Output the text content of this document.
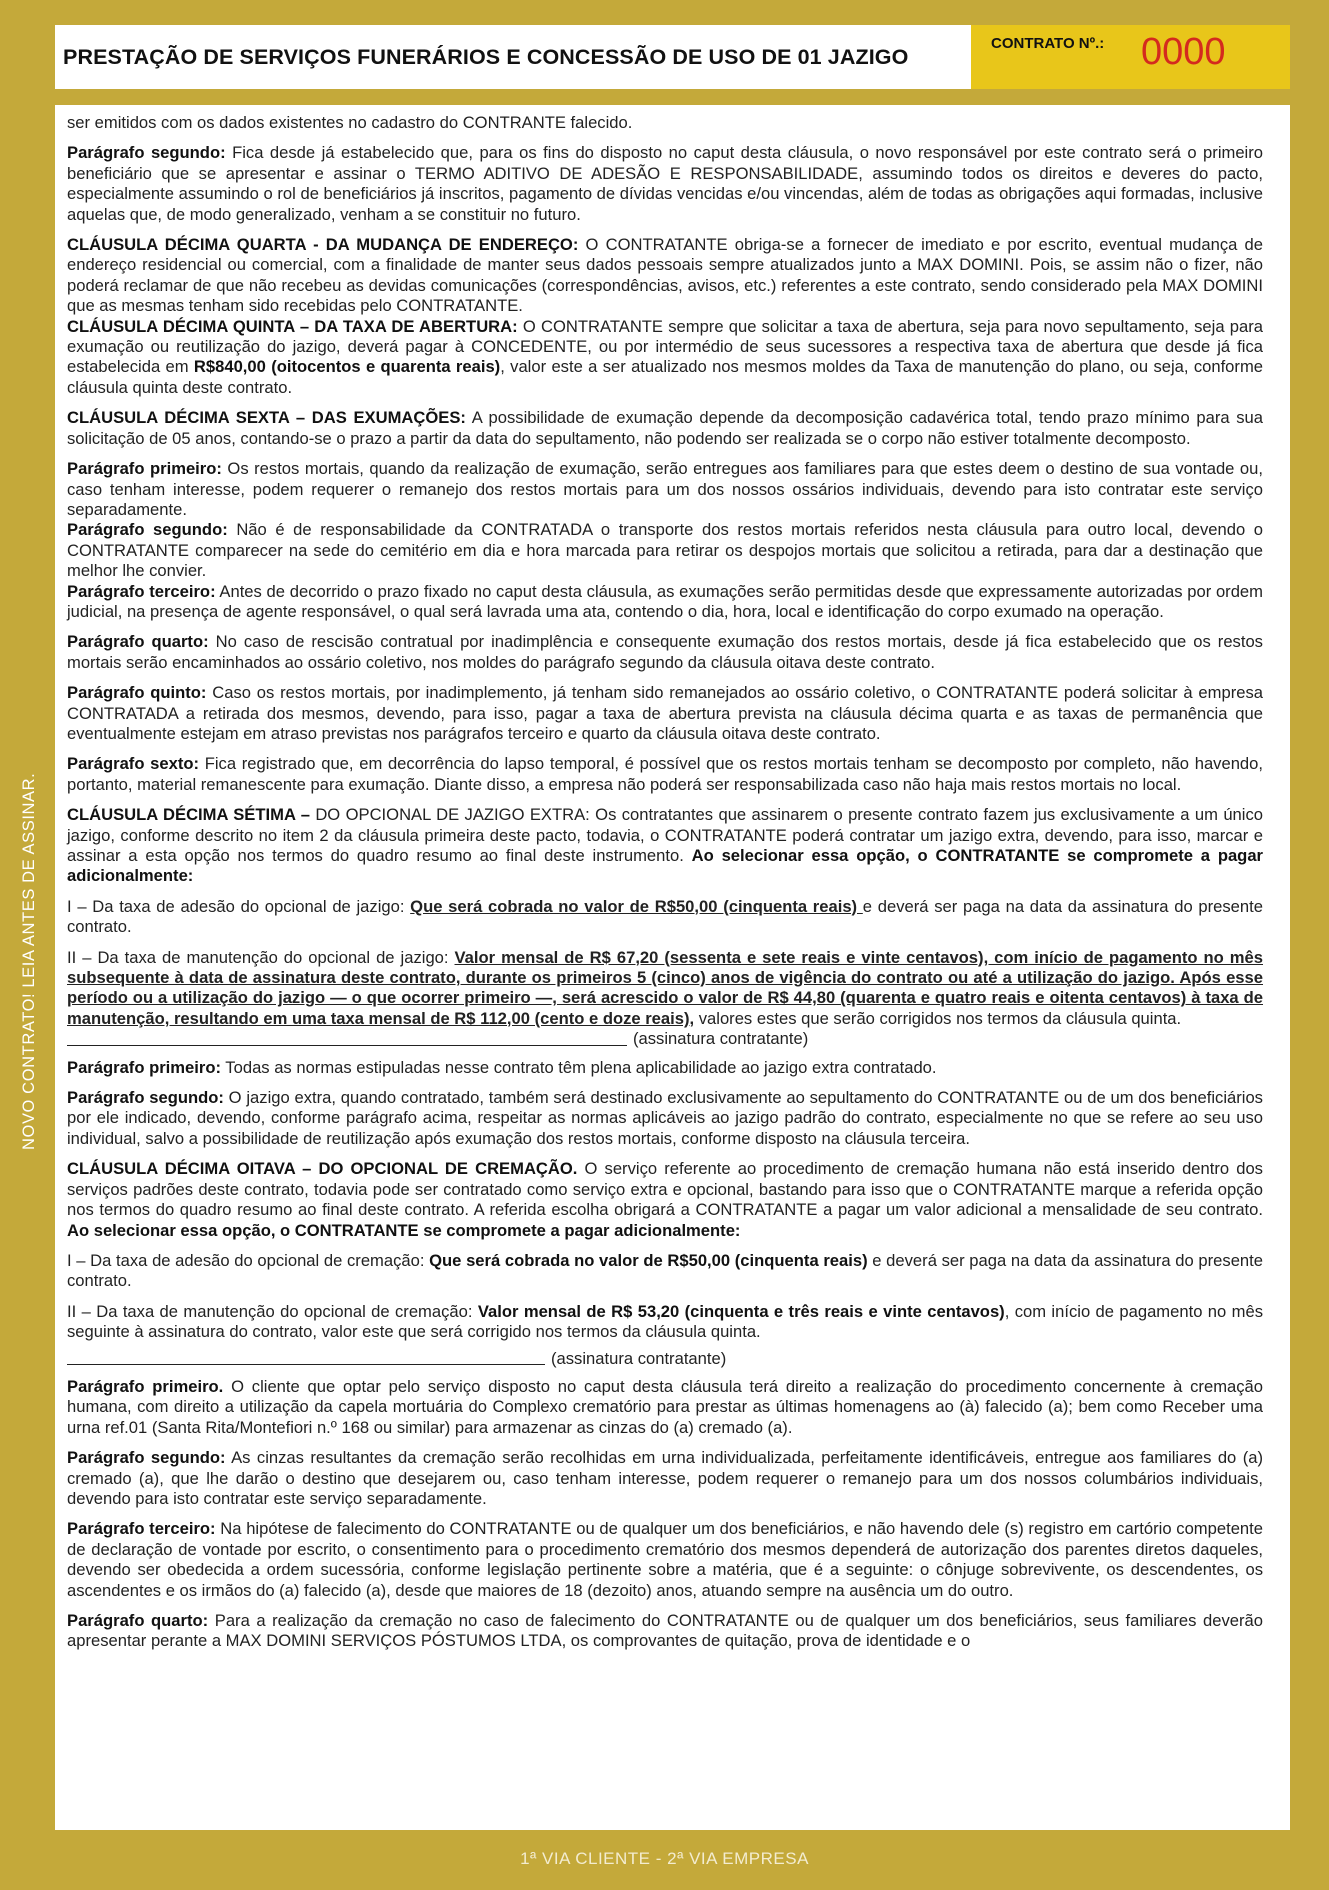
PRESTAÇÃO DE SERVIÇOS FUNERÁRIOS E CONCESSÃO DE USO DE 01 JAZIGO
CONTRATO Nº.: 0000
NOVO CONTRATO! LEIA ANTES DE ASSINAR.

ser emitidos com os dados existentes no cadastro do CONTRANTE falecido.

Parágrafo segundo: Fica desde já estabelecido que, para os fins do disposto no caput desta cláusula, o novo responsável por este contrato será o primeiro beneficiário que se apresentar e assinar o TERMO ADITIVO DE ADESÃO E RESPONSABILIDADE, assumindo todos os direitos e deveres do pacto, especialmente assumindo o rol de beneficiários já inscritos, pagamento de dívidas vencidas e/ou vincendas, além de todas as obrigações aqui formadas, inclusive aquelas que, de modo generalizado, venham a se constituir no futuro.

CLÁUSULA DÉCIMA QUARTA - DA MUDANÇA DE ENDEREÇO: O CONTRATANTE obriga-se a fornecer de imediato e por escrito, eventual mudança de endereço residencial ou comercial, com a finalidade de manter seus dados pessoais sempre atualizados junto a MAX DOMINI. Pois, se assim não o fizer, não poderá reclamar de que não recebeu as devidas comunicações (correspondências, avisos, etc.) referentes a este contrato, sendo considerado pela MAX DOMINI que as mesmas tenham sido recebidas pelo CONTRATANTE.

CLÁUSULA DÉCIMA QUINTA – DA TAXA DE ABERTURA: O CONTRATANTE sempre que solicitar a taxa de abertura, seja para novo sepultamento, seja para exumação ou reutilização do jazigo, deverá pagar à CONCEDENTE, ou por intermédio de seus sucessores a respectiva taxa de abertura que desde já fica estabelecida em R$840,00 (oitocentos e quarenta reais), valor este a ser atualizado nos mesmos moldes da Taxa de manutenção do plano, ou seja, conforme cláusula quinta deste contrato.

CLÁUSULA DÉCIMA SEXTA – DAS EXUMAÇÕES: A possibilidade de exumação depende da decomposição cadavérica total, tendo prazo mínimo para sua solicitação de 05 anos, contando-se o prazo a partir da data do sepultamento, não podendo ser realizada se o corpo não estiver totalmente decomposto.

Parágrafo primeiro: Os restos mortais, quando da realização de exumação, serão entregues aos familiares para que estes deem o destino de sua vontade ou, caso tenham interesse, podem requerer o remanejo dos restos mortais para um dos nossos ossários individuais, devendo para isto contratar este serviço separadamente.

Parágrafo segundo: Não é de responsabilidade da CONTRATADA o transporte dos restos mortais referidos nesta cláusula para outro local, devendo o CONTRATANTE comparecer na sede do cemitério em dia e hora marcada para retirar os despojos mortais que solicitou a retirada, para dar a destinação que melhor lhe convier.

Parágrafo terceiro: Antes de decorrido o prazo fixado no caput desta cláusula, as exumações serão permitidas desde que expressamente autorizadas por ordem judicial, na presença de agente responsável, o qual será lavrada uma ata, contendo o dia, hora, local e identificação do corpo exumado na operação.

Parágrafo quarto: No caso de rescisão contratual por inadimplência e consequente exumação dos restos mortais, desde já fica estabelecido que os restos mortais serão encaminhados ao ossário coletivo, nos moldes do parágrafo segundo da cláusula oitava deste contrato.

Parágrafo quinto: Caso os restos mortais, por inadimplemento, já tenham sido remanejados ao ossário coletivo, o CONTRATANTE poderá solicitar à empresa CONTRATADA a retirada dos mesmos, devendo, para isso, pagar a taxa de abertura prevista na cláusula décima quarta e as taxas de permanência que eventualmente estejam em atraso previstas nos parágrafos terceiro e quarto da cláusula oitava deste contrato.

Parágrafo sexto: Fica registrado que, em decorrência do lapso temporal, é possível que os restos mortais tenham se decomposto por completo, não havendo, portanto, material remanescente para exumação. Diante disso, a empresa não poderá ser responsabilizada caso não haja mais restos mortais no local.

CLÁUSULA DÉCIMA SÉTIMA – DO OPCIONAL DE JAZIGO EXTRA: Os contratantes que assinarem o presente contrato fazem jus exclusivamente a um único jazigo, conforme descrito no item 2 da cláusula primeira deste pacto, todavia, o CONTRATANTE poderá contratar um jazigo extra, devendo, para isso, marcar e assinar a esta opção nos termos do quadro resumo ao final deste instrumento. Ao selecionar essa opção, o CONTRATANTE se compromete a pagar adicionalmente:

I – Da taxa de adesão do opcional de jazigo: Que será cobrada no valor de R$50,00 (cinquenta reais) e deverá ser paga na data da assinatura do presente contrato.

II – Da taxa de manutenção do opcional de jazigo: Valor mensal de R$ 67,20 (sessenta e sete reais e vinte centavos), com início de pagamento no mês subsequente à data de assinatura deste contrato, durante os primeiros 5 (cinco) anos de vigência do contrato ou até a utilização do jazigo. Após esse período ou a utilização do jazigo — o que ocorrer primeiro —, será acrescido o valor de R$ 44,80 (quarenta e quatro reais e oitenta centavos) à taxa de manutenção, resultando em uma taxa mensal de R$ 112,00 (cento e doze reais), valores estes que serão corrigidos nos termos da cláusula quinta.

(assinatura contratante)

Parágrafo primeiro: Todas as normas estipuladas nesse contrato têm plena aplicabilidade ao jazigo extra contratado.

Parágrafo segundo: O jazigo extra, quando contratado, também será destinado exclusivamente ao sepultamento do CONTRATANTE ou de um dos beneficiários por ele indicado, devendo, conforme parágrafo acima, respeitar as normas aplicáveis ao jazigo padrão do contrato, especialmente no que se refere ao seu uso individual, salvo a possibilidade de reutilização após exumação dos restos mortais, conforme disposto na cláusula terceira.

CLÁUSULA DÉCIMA OITAVA – DO OPCIONAL DE CREMAÇÃO. O serviço referente ao procedimento de cremação humana não está inserido dentro dos serviços padrões deste contrato, todavia pode ser contratado como serviço extra e opcional, bastando para isso que o CONTRATANTE marque a referida opção nos termos do quadro resumo ao final deste contrato. A referida escolha obrigará a CONTRATANTE a pagar um valor adicional a mensalidade de seu contrato. Ao selecionar essa opção, o CONTRATANTE se compromete a pagar adicionalmente:

I – Da taxa de adesão do opcional de cremação: Que será cobrada no valor de R$50,00 (cinquenta reais) e deverá ser paga na data da assinatura do presente contrato.

II – Da taxa de manutenção do opcional de cremação: Valor mensal de R$ 53,20 (cinquenta e três reais e vinte centavos), com início de pagamento no mês seguinte à assinatura do contrato, valor este que será corrigido nos termos da cláusula quinta.

(assinatura contratante)

Parágrafo primeiro. O cliente que optar pelo serviço disposto no caput desta cláusula terá direito a realização do procedimento concernente à cremação humana, com direito a utilização da capela mortuária do Complexo crematório para prestar as últimas homenagens ao (à) falecido (a); bem como Receber uma urna ref.01 (Santa Rita/Montefiori n.º 168 ou similar) para armazenar as cinzas do (a) cremado (a).

Parágrafo segundo: As cinzas resultantes da cremação serão recolhidas em urna individualizada, perfeitamente identificáveis, entregue aos familiares do (a) cremado (a), que lhe darão o destino que desejarem ou, caso tenham interesse, podem requerer o remanejo para um dos nossos columbários individuais, devendo para isto contratar este serviço separadamente.

Parágrafo terceiro: Na hipótese de falecimento do CONTRATANTE ou de qualquer um dos beneficiários, e não havendo dele (s) registro em cartório competente de declaração de vontade por escrito, o consentimento para o procedimento crematório dos mesmos dependerá de autorização dos parentes diretos daqueles, devendo ser obedecida a ordem sucessória, conforme legislação pertinente sobre a matéria, que é a seguinte: o cônjuge sobrevivente, os descendentes, os ascendentes e os irmãos do (a) falecido (a), desde que maiores de 18 (dezoito) anos, atuando sempre na ausência um do outro.

Parágrafo quarto: Para a realização da cremação no caso de falecimento do CONTRATANTE ou de qualquer um dos beneficiários, seus familiares deverão apresentar perante a MAX DOMINI SERVIÇOS PÓSTUMOS LTDA, os comprovantes de quitação, prova de identidade e o

1ª VIA CLIENTE - 2ª VIA EMPRESA
